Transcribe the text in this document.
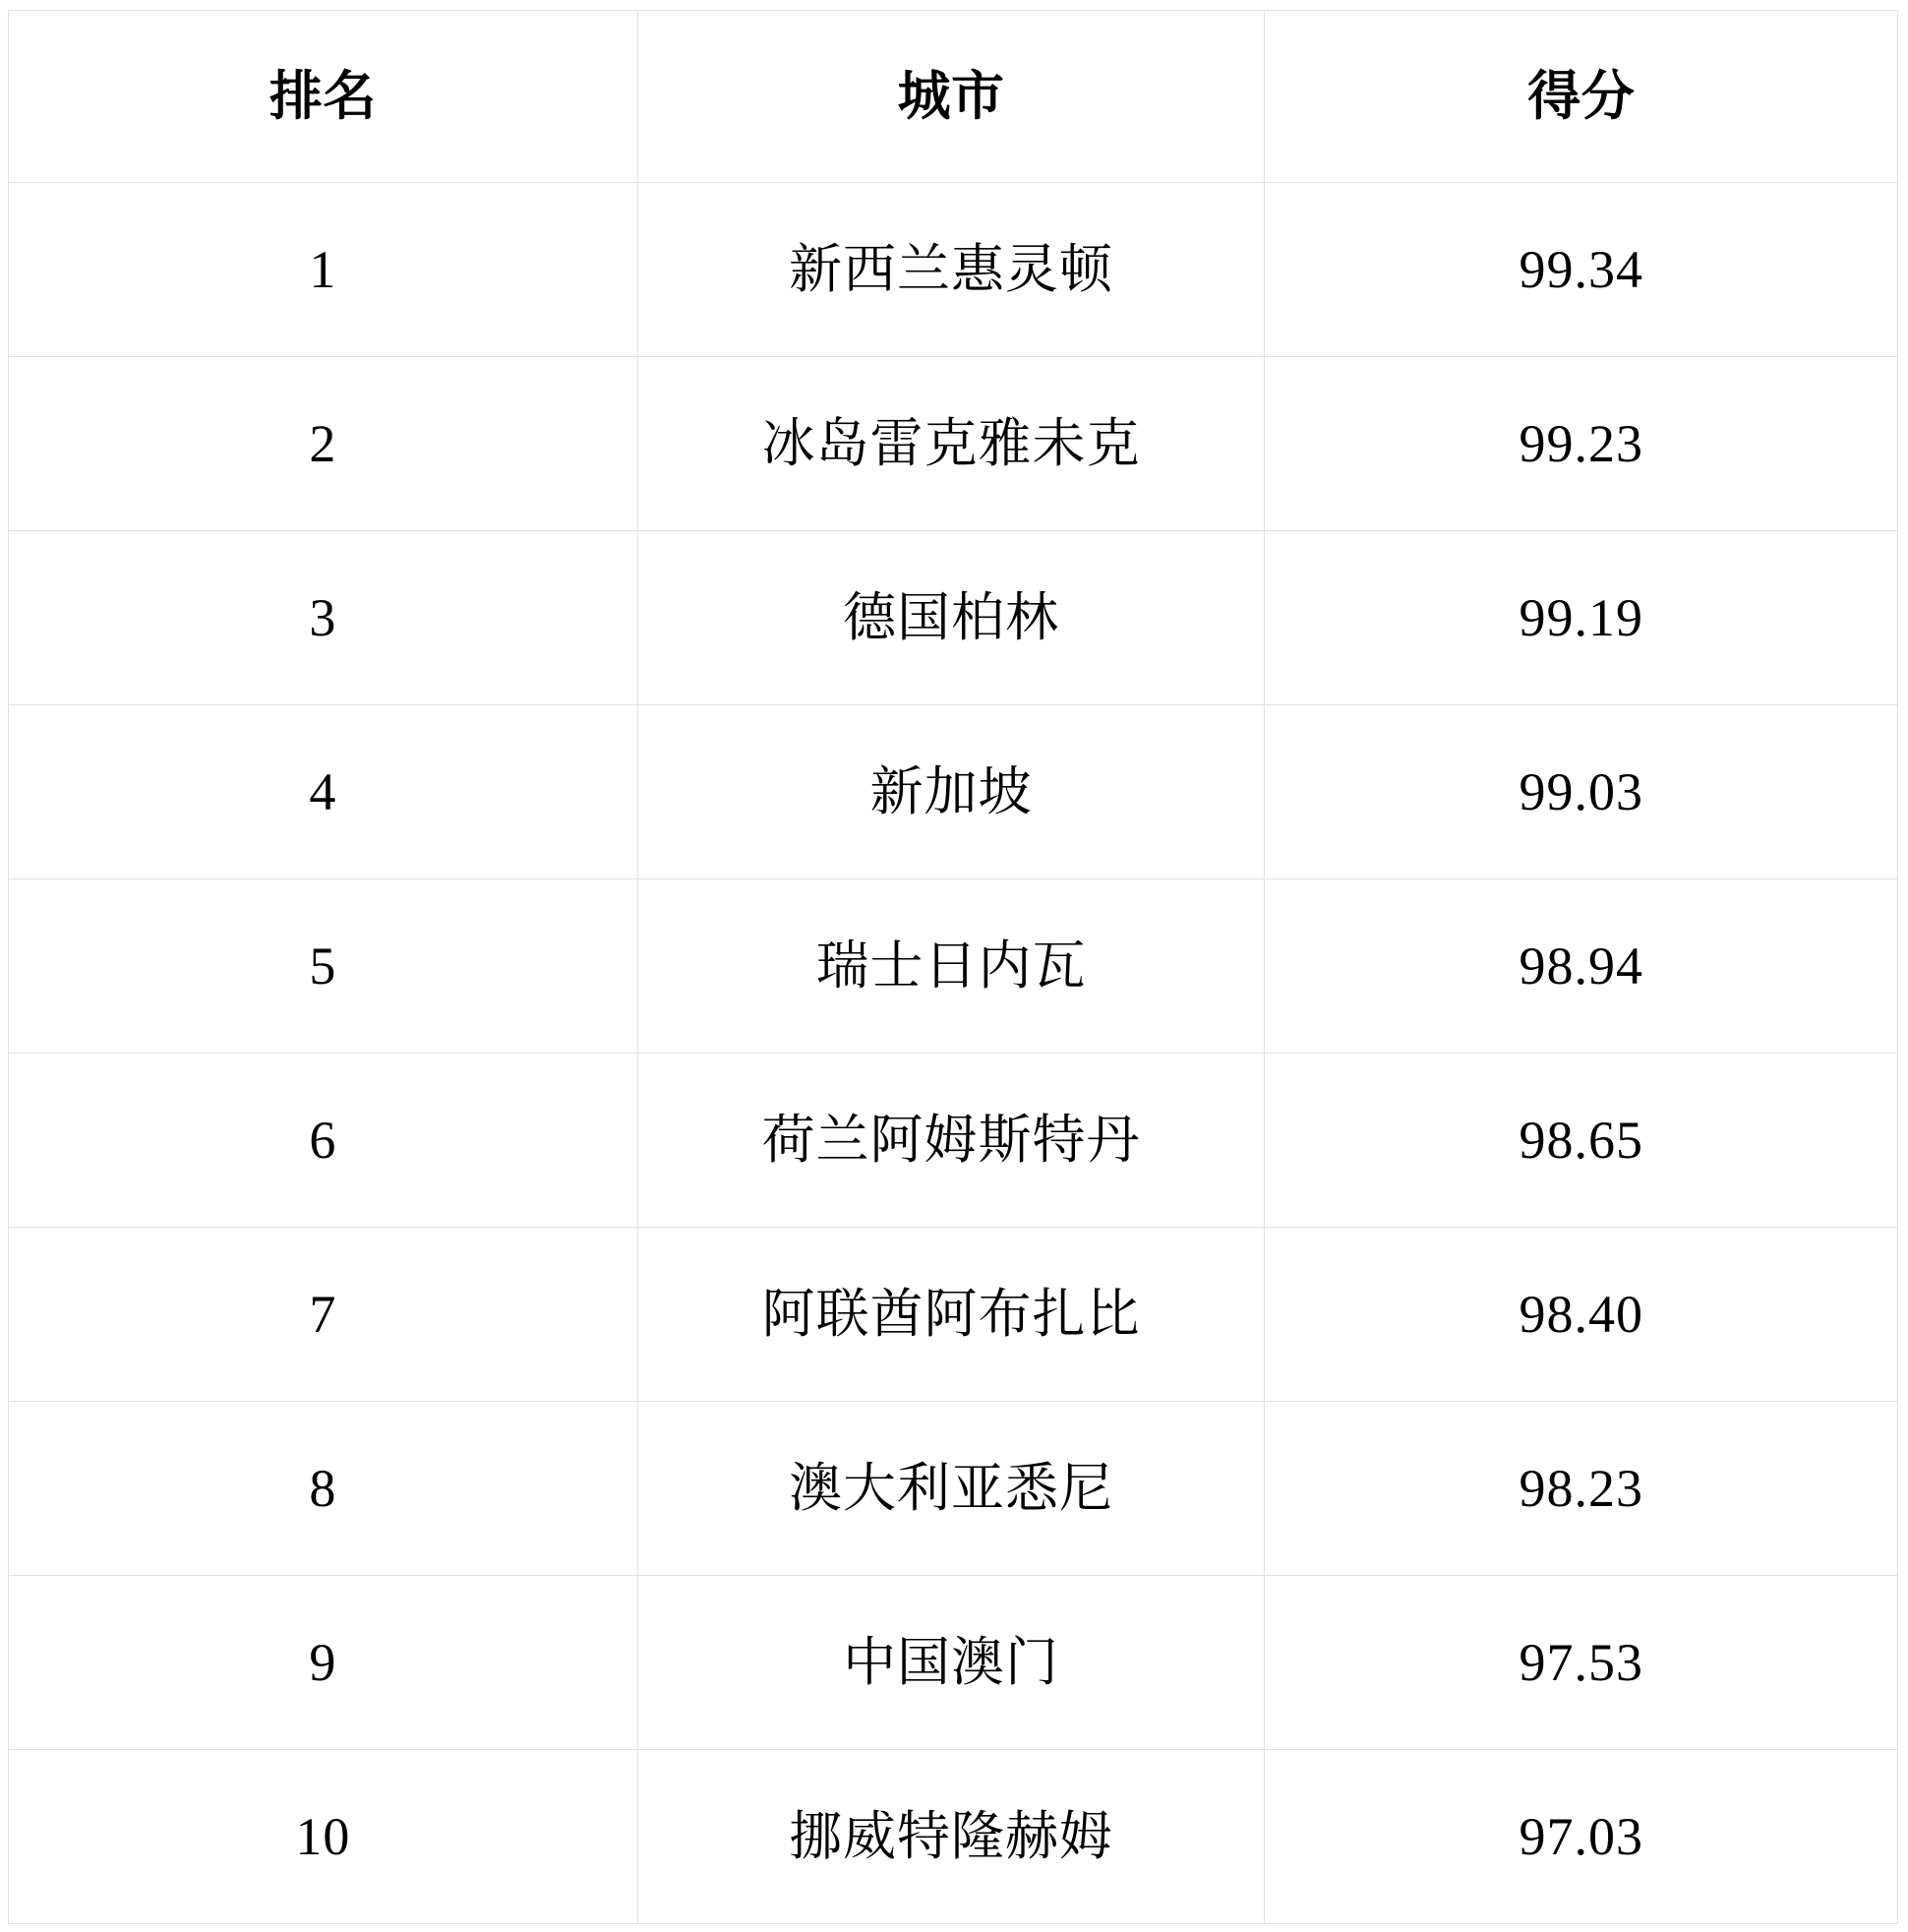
排名	城市	得分
1	新西兰惠灵顿	99.34
2	冰岛雷克雅未克	99.23
3	德国柏林	99.19
4	新加坡	99.03
5	瑞士日内瓦	98.94
6	荷兰阿姆斯特丹	98.65
7	阿联酋阿布扎比	98.40
8	澳大利亚悉尼	98.23
9	中国澳门	97.53
10	挪威特隆赫姆	97.03
